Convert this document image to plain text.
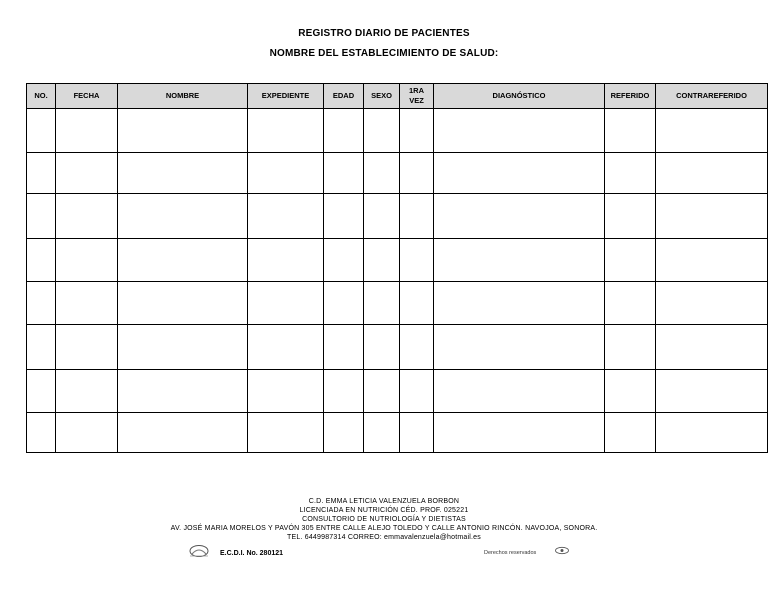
REGISTRO DIARIO DE PACIENTES
NOMBRE DEL ESTABLECIMIENTO DE SALUD:
NO.	FECHA	NOMBRE	EXPEDIENTE	EDAD	SEXO	1RA VEZ	DIAGNÓSTICO	REFERIDO	CONTRAREFERIDO

C.D. EMMA LETICIA VALENZUELA BORBON
LICENCIADA EN NUTRICIÓN CÉD. PROF. 025221
CONSULTORIO DE NUTRIOLOGÍA Y DIETISTAS
AV. JOSÉ MARIA MORELOS Y PAVÓN 305 ENTRE CALLE ALEJO TOLEDO Y CALLE ANTONIO RINCÓN. NAVOJOA, SONORA.
TEL. 6449987314 CORREO: emmavalenzuela@hotmail.es
E.C.D.I. No. 280121	Derechos reservados
